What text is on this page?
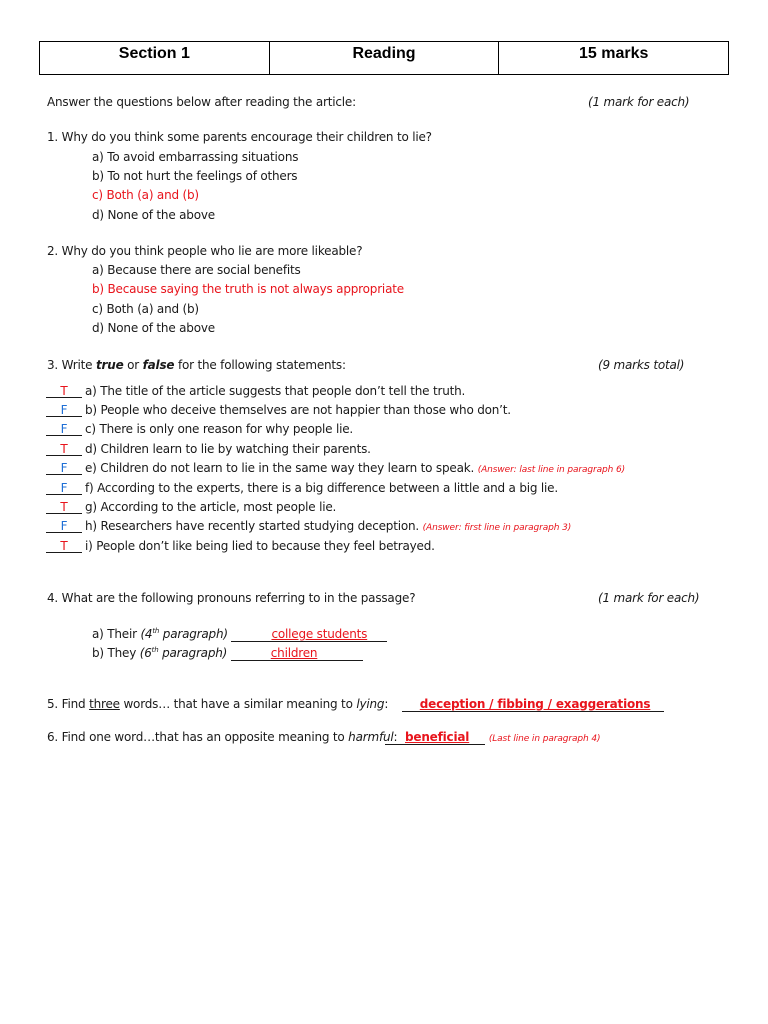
Section 1	Reading	15 marks
Answer the questions below after reading the article:	(1 mark for each)
1. Why do you think some parents encourage their children to lie?
a) To avoid embarrassing situations
b) To not hurt the feelings of others
c) Both (a) and (b)
d) None of the above
2. Why do you think people who lie are more likeable?
a) Because there are social benefits
b) Because saying the truth is not always appropriate
c) Both (a) and (b)
d) None of the above
3. Write true or false for the following statements:	(9 marks total)
T a) The title of the article suggests that people don’t tell the truth.
F b) People who deceive themselves are not happier than those who don’t.
F c) There is only one reason for why people lie.
T d) Children learn to lie by watching their parents.
F e) Children do not learn to lie in the same way they learn to speak. (Answer: last line in paragraph 6)
F f) According to the experts, there is a big difference between a little and a big lie.
T g) According to the article, most people lie.
F h) Researchers have recently started studying deception. (Answer: first line in paragraph 3)
T i) People don’t like being lied to because they feel betrayed.
4. What are the following pronouns referring to in the passage?	(1 mark for each)
a) Their (4th paragraph)	college students
b) They (6th paragraph)	children
5. Find three words… that have a similar meaning to lying:	deception / fibbing / exaggerations
6. Find one word…that has an opposite meaning to harmful: beneficial (Last line in paragraph 4)
